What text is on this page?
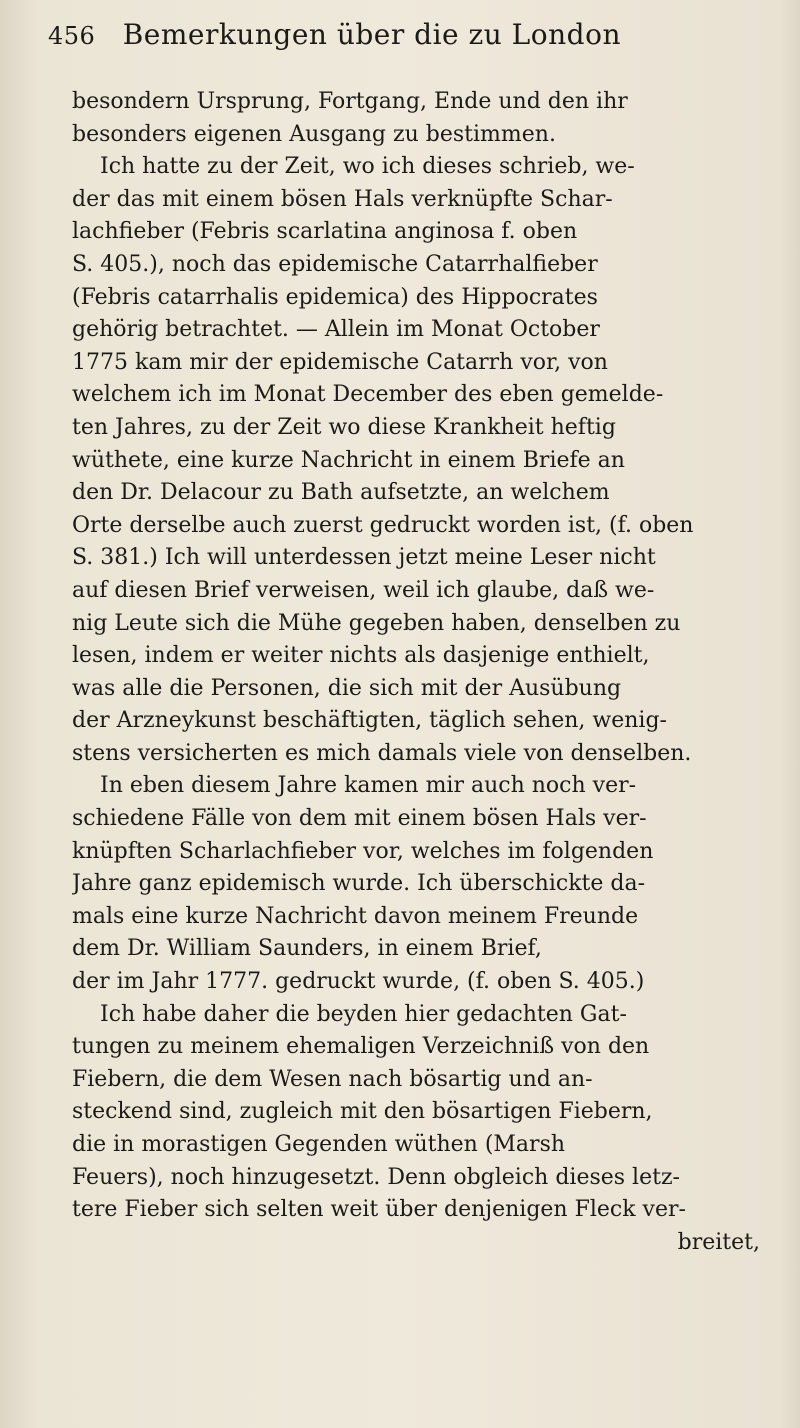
456 Bemerkungen über die zu London
besondern Ursprung, Fortgang, Ende und den ihr
besonders eigenen Ausgang zu bestimmen.
Ich hatte zu der Zeit, wo ich dieses schrieb, we-
der das mit einem bösen Hals verknüpfte Schar-
lachfieber (Febris scarlatina anginosa f. oben
S. 405.), noch das epidemische Catarrhalfieber
(Febris catarrhalis epidemica) des Hippocrates
gehörig betrachtet. — Allein im Monat October
1775 kam mir der epidemische Catarrh vor, von
welchem ich im Monat December des eben gemelde-
ten Jahres, zu der Zeit wo diese Krankheit heftig
wüthete, eine kurze Nachricht in einem Briefe an
den Dr. Delacour zu Bath aufsetzte, an welchem
Orte derselbe auch zuerst gedruckt worden ist, (f. oben
S. 381.) Ich will unterdessen jetzt meine Leser nicht
auf diesen Brief verweisen, weil ich glaube, daß we-
nig Leute sich die Mühe gegeben haben, denselben zu
lesen, indem er weiter nichts als dasjenige enthielt,
was alle die Personen, die sich mit der Ausübung
der Arzneykunst beschäftigten, täglich sehen, wenig-
stens versicherten es mich damals viele von denselben.
In eben diesem Jahre kamen mir auch noch ver-
schiedene Fälle von dem mit einem bösen Hals ver-
knüpften Scharlachfieber vor, welches im folgenden
Jahre ganz epidemisch wurde. Ich überschickte da-
mals eine kurze Nachricht davon meinem Freunde
dem Dr. William Saunders, in einem Brief,
der im Jahr 1777. gedruckt wurde, (f. oben S. 405.)
Ich habe daher die beyden hier gedachten Gat-
tungen zu meinem ehemaligen Verzeichniß von den
Fiebern, die dem Wesen nach bösartig und an-
steckend sind, zugleich mit den bösartigen Fiebern,
die in morastigen Gegenden wüthen (Marsh
Feuers), noch hinzugesetzt. Denn obgleich dieses letz-
tere Fieber sich selten weit über denjenigen Fleck ver-
breitet,
